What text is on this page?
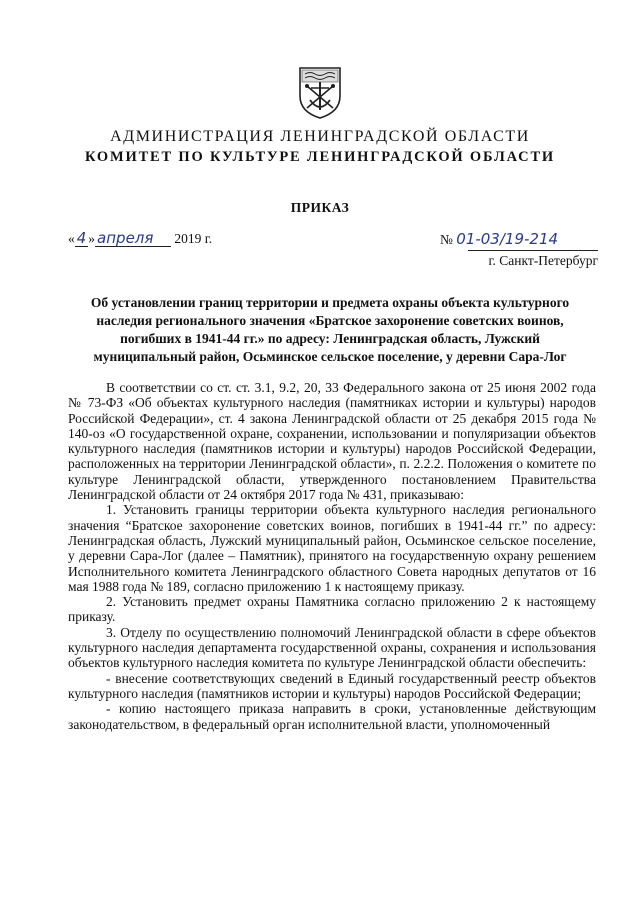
АДМИНИСТРАЦИЯ ЛЕНИНГРАДСКОЙ ОБЛАСТИ
КОМИТЕТ ПО КУЛЬТУРЕ ЛЕНИНГРАДСКОЙ ОБЛАСТИ
ПРИКАЗ
« 4 » апреля 2019 г.	№ 01-03/19-214
г. Санкт-Петербург
Об установлении границ территории и предмета охраны объекта культурного наследия регионального значения «Братское захоронение советских воинов, погибших в 1941-44 гг.» по адресу: Ленинградская область, Лужский муниципальный район, Осьминское сельское поселение, у деревни Сара-Лог

В соответствии со ст. ст. 3.1, 9.2, 20, 33 Федерального закона от 25 июня 2002 года № 73-ФЗ «Об объектах культурного наследия (памятниках истории и культуры) народов Российской Федерации», ст. 4 закона Ленинградской области от 25 декабря 2015 года № 140-оз «О государственной охране, сохранении, использовании и популяризации объектов культурного наследия (памятников истории и культуры) народов Российской Федерации, расположенных на территории Ленинградской области», п. 2.2.2. Положения о комитете по культуре Ленинградской области, утвержденного постановлением Правительства Ленинградской области от 24 октября 2017 года № 431, приказываю:

1. Установить границы территории объекта культурного наследия регионального значения “Братское захоронение советских воинов, погибших в 1941-44 гг.” по адресу: Ленинградская область, Лужский муниципальный район, Осьминское сельское поселение, у деревни Сара-Лог (далее – Памятник), принятого на государственную охрану решением Исполнительного комитета Ленинградского областного Совета народных депутатов от 16 мая 1988 года № 189, согласно приложению 1 к настоящему приказу.

2. Установить предмет охраны Памятника согласно приложению 2 к настоящему приказу.

3. Отделу по осуществлению полномочий Ленинградской области в сфере объектов культурного наследия департамента государственной охраны, сохранения и использования объектов культурного наследия комитета по культуре Ленинградской области обеспечить:

- внесение соответствующих сведений в Единый государственный реестр объектов культурного наследия (памятников истории и культуры) народов Российской Федерации;

- копию настоящего приказа направить в сроки, установленные действующим законодательством, в федеральный орган исполнительной власти, уполномоченный
